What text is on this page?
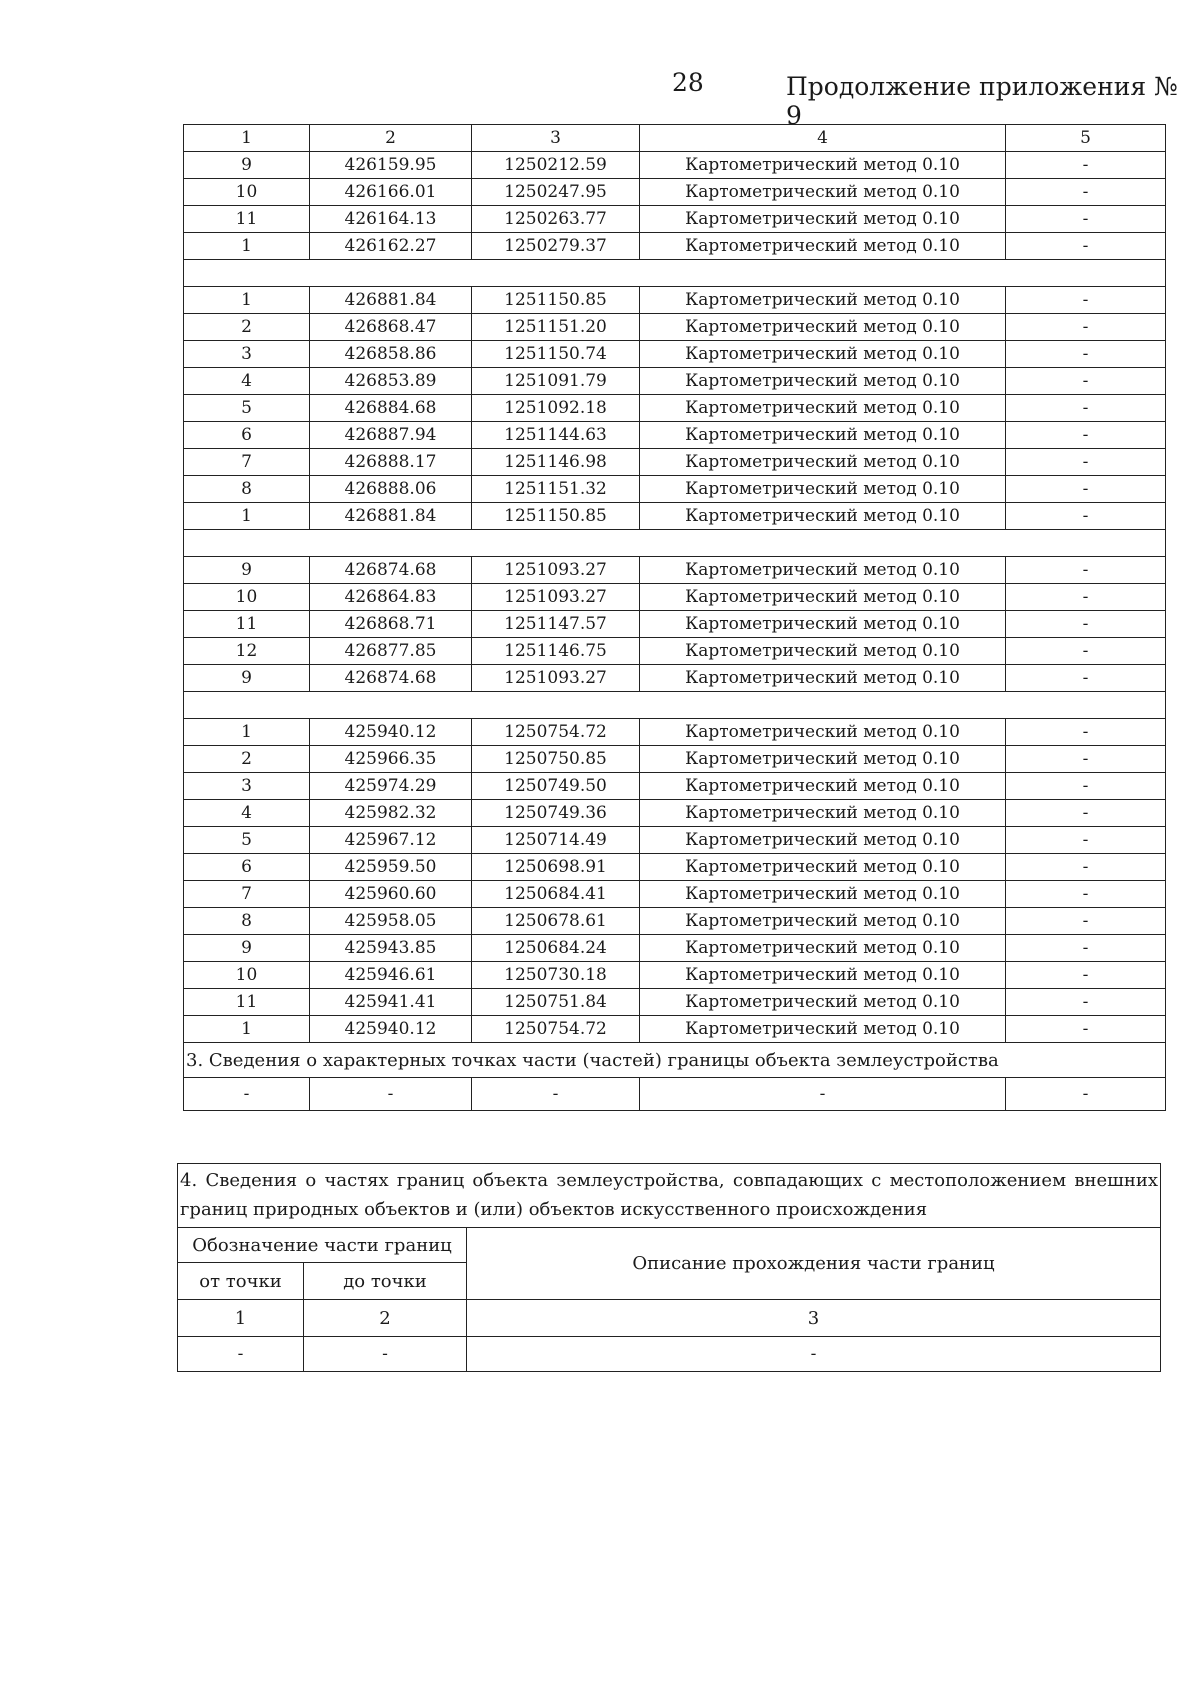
28	Продолжение приложения № 9
1	2	3	4	5
9	426159.95	1250212.59	Картометрический метод 0.10	-
10	426166.01	1250247.95	Картометрический метод 0.10	-
11	426164.13	1250263.77	Картометрический метод 0.10	-
1	426162.27	1250279.37	Картометрический метод 0.10	-

1	426881.84	1251150.85	Картометрический метод 0.10	-
2	426868.47	1251151.20	Картометрический метод 0.10	-
3	426858.86	1251150.74	Картометрический метод 0.10	-
4	426853.89	1251091.79	Картометрический метод 0.10	-
5	426884.68	1251092.18	Картометрический метод 0.10	-
6	426887.94	1251144.63	Картометрический метод 0.10	-
7	426888.17	1251146.98	Картометрический метод 0.10	-
8	426888.06	1251151.32	Картометрический метод 0.10	-
1	426881.84	1251150.85	Картометрический метод 0.10	-

9	426874.68	1251093.27	Картометрический метод 0.10	-
10	426864.83	1251093.27	Картометрический метод 0.10	-
11	426868.71	1251147.57	Картометрический метод 0.10	-
12	426877.85	1251146.75	Картометрический метод 0.10	-
9	426874.68	1251093.27	Картометрический метод 0.10	-

1	425940.12	1250754.72	Картометрический метод 0.10	-
2	425966.35	1250750.85	Картометрический метод 0.10	-
3	425974.29	1250749.50	Картометрический метод 0.10	-
4	425982.32	1250749.36	Картометрический метод 0.10	-
5	425967.12	1250714.49	Картометрический метод 0.10	-
6	425959.50	1250698.91	Картометрический метод 0.10	-
7	425960.60	1250684.41	Картометрический метод 0.10	-
8	425958.05	1250678.61	Картометрический метод 0.10	-
9	425943.85	1250684.24	Картометрический метод 0.10	-
10	425946.61	1250730.18	Картометрический метод 0.10	-
11	425941.41	1250751.84	Картометрический метод 0.10	-
1	425940.12	1250754.72	Картометрический метод 0.10	-
3. Сведения о характерных точках части (частей) границы объекта землеустройства				
-	-	-	-	-
4. Сведения о частях границ объекта землеустройства, совпадающих с местоположением внешних границ природных объектов и (или) объектов искусственного происхождения		
Обозначение части границ		Описание прохождения части границ
от точки	до точки	
1	2	3
-	-	-
